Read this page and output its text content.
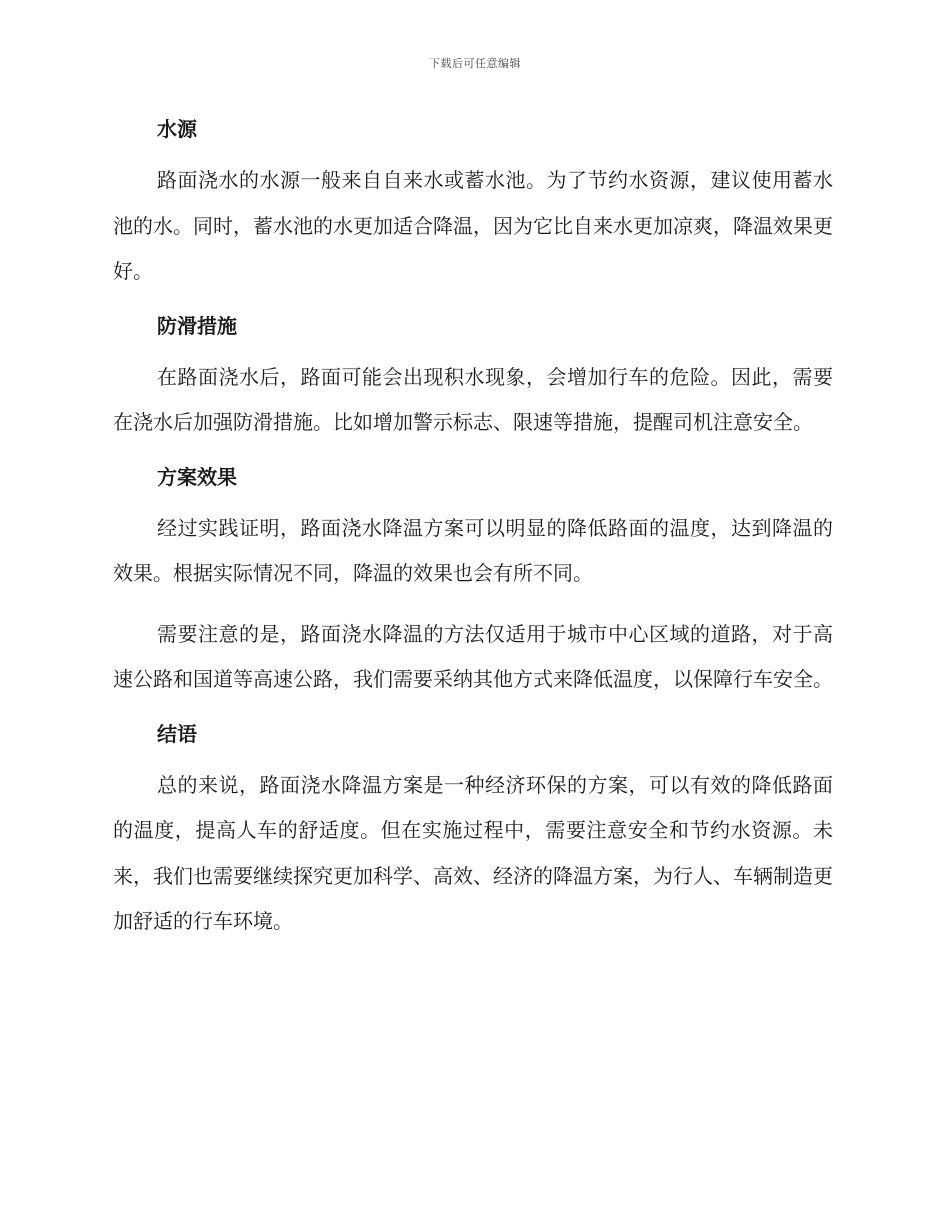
下载后可任意编辑
水源

路面浇水的水源一般来自自来水或蓄水池。为了节约水资源，建议使用蓄水池的水。同时，蓄水池的水更加适合降温，因为它比自来水更加凉爽，降温效果更好。

防滑措施

在路面浇水后，路面可能会出现积水现象，会增加行车的危险。因此，需要在浇水后加强防滑措施。比如增加警示标志、限速等措施，提醒司机注意安全。

方案效果

经过实践证明，路面浇水降温方案可以明显的降低路面的温度，达到降温的效果。根据实际情况不同，降温的效果也会有所不同。

需要注意的是，路面浇水降温的方法仅适用于城市中心区域的道路，对于高速公路和国道等高速公路，我们需要采纳其他方式来降低温度，以保障行车安全。

结语

总的来说，路面浇水降温方案是一种经济环保的方案，可以有效的降低路面的温度，提高人车的舒适度。但在实施过程中，需要注意安全和节约水资源。未来，我们也需要继续探究更加科学、高效、经济的降温方案，为行人、车辆制造更加舒适的行车环境。
